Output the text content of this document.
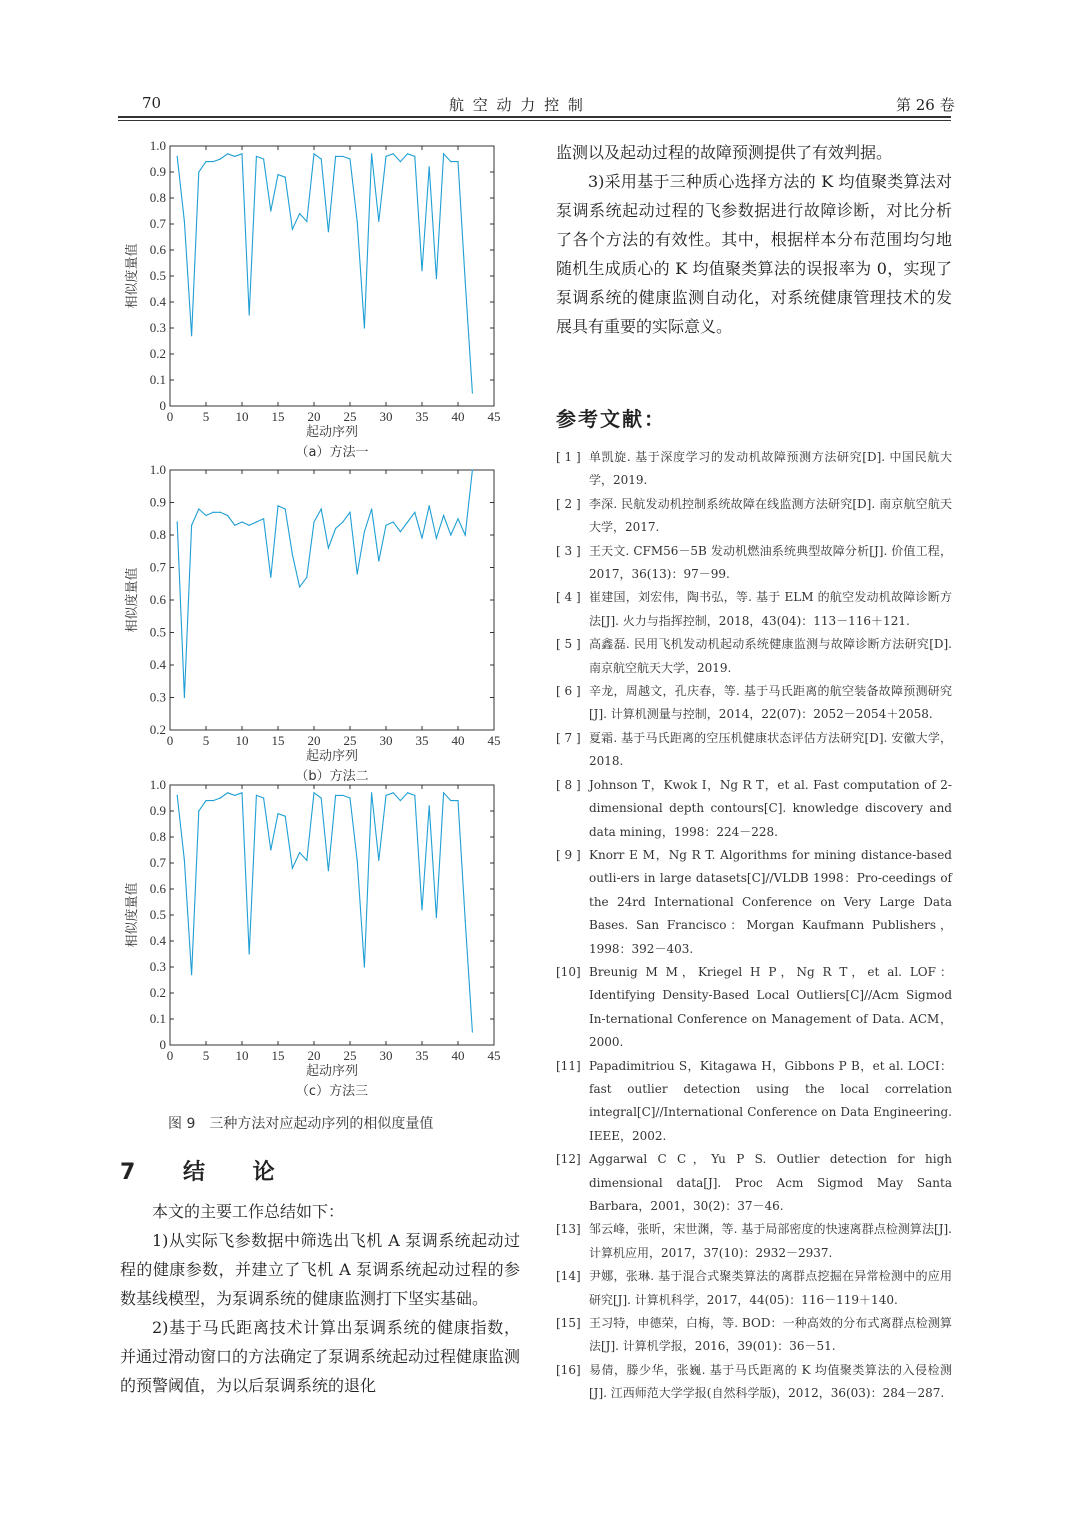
70	航 空 动 力 控 制	第 26 卷
0
0.1
0.2
0.3
0.4
0.5
0.6
0.7
0.8
0.9
1.0
0 5 10 15 20 25 30 35 40 45
起动序列
相似度量值
（a）方法一
0.2
0.3
0.4
0.5
0.6
0.7
0.8
0.9
1.0
0 5 10 15 20 25 30 35 40 45
起动序列
相似度量值
（b）方法二
0
0.1
0.2
0.3
0.4
0.5
0.6
0.7
0.8
0.9
1.0
0 5 10 15 20 25 30 35 40 45
起动序列
相似度量值
（c）方法三
图 9　三种方法对应起动序列的相似度量值
7 结 论

本文的主要工作总结如下：

1)从实际飞参数据中筛选出飞机 A 泵调系统起动过程的健康参数，并建立了飞机 A 泵调系统起动过程的参数基线模型，为泵调系统的健康监测打下坚实基础。

2)基于马氏距离技术计算出泵调系统的健康指数，并通过滑动窗口的方法确定了泵调系统起动过程健康监测的预警阈值，为以后泵调系统的退化

监测以及起动过程的故障预测提供了有效判据。

3)采用基于三种质心选择方法的 K 均值聚类算法对泵调系统起动过程的飞参数据进行故障诊断，对比分析了各个方法的有效性。其中，根据样本分布范围均匀地随机生成质心的 K 均值聚类算法的误报率为 0，实现了泵调系统的健康监测自动化，对系统健康管理技术的发展具有重要的实际意义。

参考文献：
[ 1 ] 单凯旋. 基于深度学习的发动机故障预测方法研究[D]. 中国民航大学，2019.
[ 2 ] 李深. 民航发动机控制系统故障在线监测方法研究[D]. 南京航空航天大学，2017.
[ 3 ] 王天文. CFM56－5B 发动机燃油系统典型故障分析[J]. 价值工程，2017，36(13)：97－99.
[ 4 ] 崔建国，刘宏伟，陶书弘，等. 基于 ELM 的航空发动机故障诊断方法[J]. 火力与指挥控制，2018，43(04)：113－116＋121.
[ 5 ] 高鑫磊. 民用飞机发动机起动系统健康监测与故障诊断方法研究[D]. 南京航空航天大学，2019.
[ 6 ] 辛龙，周越文，孔庆春，等. 基于马氏距离的航空装备故障预测研究[J]. 计算机测量与控制，2014，22(07)：2052－2054＋2058.
[ 7 ] 夏霜. 基于马氏距离的空压机健康状态评估方法研究[D]. 安徽大学，2018.
[ 8 ] Johnson T，Kwok I，Ng R T，et al. Fast computation of 2-dimensional depth contours[C]. knowledge discovery and data mining，1998：224－228.
[ 9 ] Knorr E M，Ng R T. Algorithms for mining distance-based outli-ers in large datasets[C]//VLDB 1998：Pro-ceedings of the 24rd International Conference on Very Large Data Bases. San Francisco：Morgan Kaufmann Publishers，1998：392－403.
[10] Breunig M M，Kriegel H P，Ng R T，et al. LOF：Identifying Density-Based Local Outliers[C]//Acm Sigmod In-ternational Conference on Management of Data. ACM，2000.
[11] Papadimitriou S，Kitagawa H，Gibbons P B，et al. LOCI：fast outlier detection using the local correlation integral[C]//International Conference on Data Engineering. IEEE，2002.
[12] Aggarwal C C，Yu P S. Outlier detection for high dimensional data[J]. Proc Acm Sigmod May Santa Barbara，2001，30(2)：37－46.
[13] 邹云峰，张昕，宋世渊，等. 基于局部密度的快速离群点检测算法[J]. 计算机应用，2017，37(10)：2932－2937.
[14] 尹娜，张琳. 基于混合式聚类算法的离群点挖掘在异常检测中的应用研究[J]. 计算机科学，2017，44(05)：116－119＋140.
[15] 王习特，申德荣，白梅，等. BOD：一种高效的分布式离群点检测算法[J]. 计算机学报，2016，39(01)：36－51.
[16] 易倩，滕少华，张巍. 基于马氏距离的 K 均值聚类算法的入侵检测[J]. 江西师范大学学报(自然科学版)，2012，36(03)：284－287.
